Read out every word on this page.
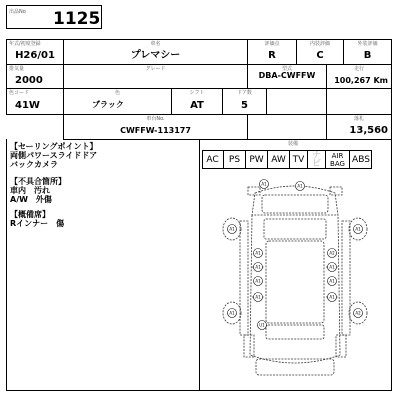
出品No 1125
年式/初度登録
H26/01
車名
プレマシー
評価点
R
内装評価
C
外装評価
B
排気量
2000
グレード	型式
DBA-CWFFW
走行
100,267 Km
色コード
41W
色
ブラック
シフト
AT
ドア数
5
車台No.
CWFFW-113177
落札
13,560
【セーリングポイント】
両側パワースライドドア
バックカメラ
【不具合箇所】
車内　汚れ
A/W　外傷
【概備席】
Rインナー　傷
装備
AC	PS	PW AW TV ナビ
AIR BAG ABS
A1	A1
A1	A1
A1	A2
A1	A1
A1	A1
A1	A2
A1	A1
U1
